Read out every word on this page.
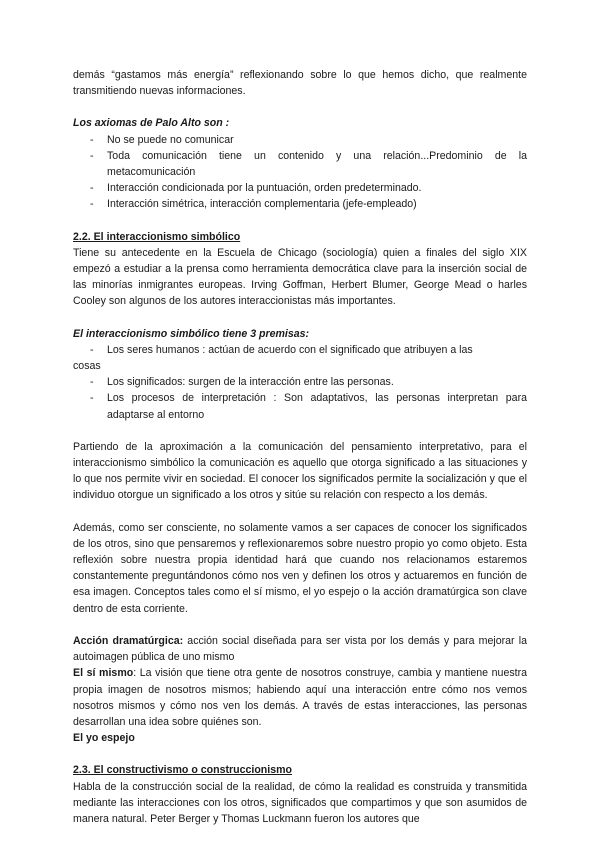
demás “gastamos más energía” reflexionando sobre lo que hemos dicho, que realmente transmitiendo nuevas informaciones.

Los axiomas de Palo Alto son :

- No se puede no comunicar
- Toda comunicación tiene un contenido y una relación...Predominio de la metacomunicación
- Interacción condicionada por la puntuación, orden predeterminado.
- Interacción simétrica, interacción complementaria (jefe-empleado)

2.2. El interaccionismo simbólico

Tiene su antecedente en la Escuela de Chicago (sociología) quien a finales del siglo XIX empezó a estudiar a la prensa como herramienta democrática clave para la inserción social de las minorías inmigrantes europeas. Irving Goffman, Herbert Blumer, George Mead o harles Cooley son algunos de los autores interaccionistas más importantes.

El interaccionismo simbólico tiene 3 premisas:

- Los seres humanos : actúan de acuerdo con el significado que atribuyen a las

cosas

- Los significados: surgen de la interacción entre las personas.
- Los procesos de interpretación : Son adaptativos, las personas interpretan para adaptarse al entorno

Partiendo de la aproximación a la comunicación del pensamiento interpretativo, para el interaccionismo simbólico la comunicación es aquello que otorga significado a las situaciones y lo que nos permite vivir en sociedad. El conocer los significados permite la socialización y que el individuo otorgue un significado a los otros y sitúe su relación con respecto a los demás.

Además, como ser consciente, no solamente vamos a ser capaces de conocer los significados de los otros, sino que pensaremos y reflexionaremos sobre nuestro propio yo como objeto. Esta reflexión sobre nuestra propia identidad hará que cuando nos relacionamos estaremos constantemente preguntándonos cómo nos ven y definen los otros y actuaremos en función de esa imagen. Conceptos tales como el sí mismo, el yo espejo o la acción dramatúrgica son clave dentro de esta corriente.

Acción dramatúrgica: acción social diseñada para ser vista por los demás y para mejorar la autoimagen pública de uno mismo

El sí mismo: La visión que tiene otra gente de nosotros construye, cambia y mantiene nuestra propia imagen de nosotros mismos; habiendo aquí una interacción entre cómo nos vemos nosotros mismos y cómo nos ven los demás. A través de estas interacciones, las personas desarrollan una idea sobre quiénes son.

El yo espejo

2.3. El constructivismo o construccionismo

Habla de la construcción social de la realidad, de cómo la realidad es construida y transmitida mediante las interacciones con los otros, significados que compartimos y que son asumidos de manera natural. Peter Berger y Thomas Luckmann fueron los autores que
